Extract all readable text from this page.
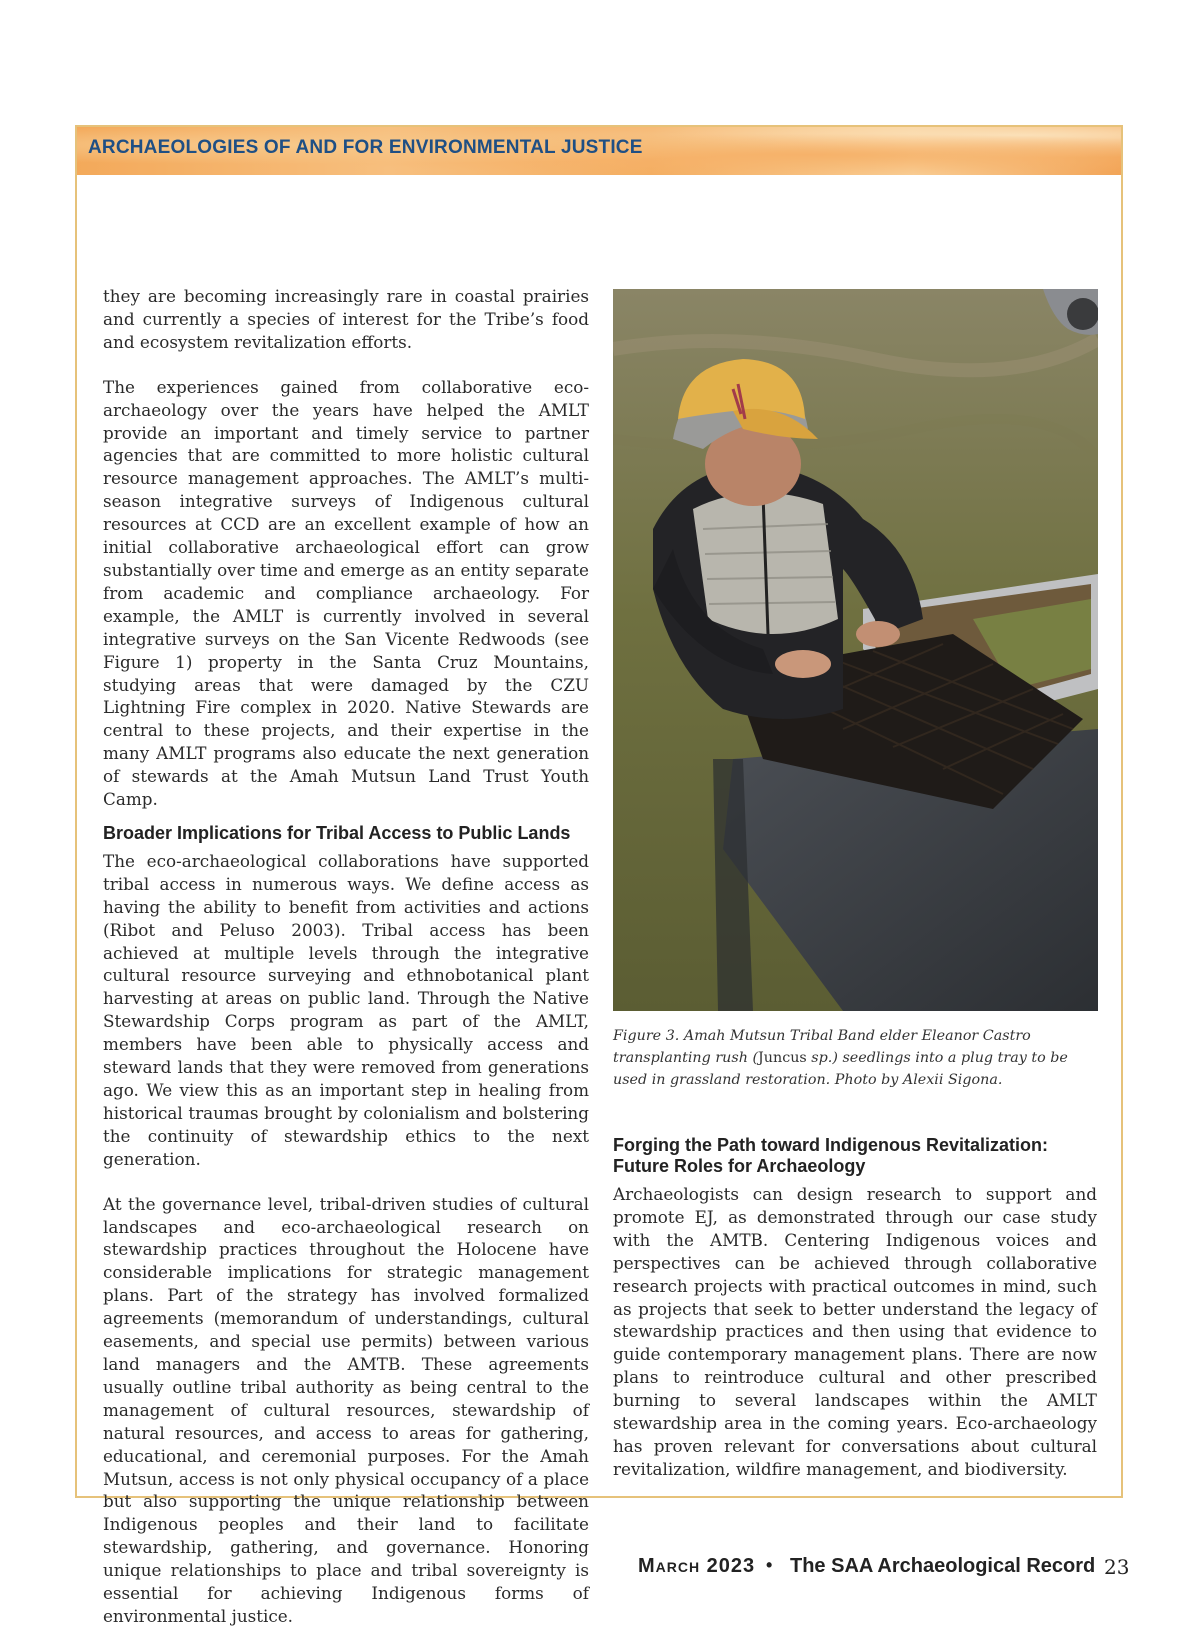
ARCHAEOLOGIES OF AND FOR ENVIRONMENTAL JUSTICE

they are becoming increasingly rare in coastal prairies and currently a species of interest for the Tribe’s food and ecosystem revitalization efforts.

The experiences gained from collaborative eco-archaeology over the years have helped the AMLT provide an important and timely service to partner agencies that are committed to more holistic cultural resource management approaches. The AMLT’s multi-season integrative surveys of Indigenous cultural resources at CCD are an excellent example of how an initial collaborative archaeological effort can grow substantially over time and emerge as an entity separate from academic and compliance archaeology. For example, the AMLT is currently involved in several integrative surveys on the San Vicente Redwoods (see Figure 1) property in the Santa Cruz Mountains, studying areas that were damaged by the CZU Lightning Fire complex in 2020. Native Stewards are central to these projects, and their expertise in the many AMLT programs also educate the next generation of stewards at the Amah Mutsun Land Trust Youth Camp.

Broader Implications for Tribal Access to Public Lands

The eco-archaeological collaborations have supported tribal access in numerous ways. We define access as having the ability to benefit from activities and actions (Ribot and Peluso 2003). Tribal access has been achieved at multiple levels through the integrative cultural resource surveying and ethnobotanical plant harvesting at areas on public land. Through the Native Stewardship Corps program as part of the AMLT, members have been able to physically access and steward lands that they were removed from generations ago. We view this as an important step in healing from historical traumas brought by colonialism and bolstering the continuity of stewardship ethics to the next generation.

At the governance level, tribal-driven studies of cultural landscapes and eco-archaeological research on stewardship practices throughout the Holocene have considerable implications for strategic management plans. Part of the strategy has involved formalized agreements (memorandum of understandings, cultural easements, and special use permits) between various land managers and the AMTB. These agreements usually outline tribal authority as being central to the management of cultural resources, stewardship of natural resources, and access to areas for gathering, educational, and ceremonial purposes. For the Amah Mutsun, access is not only physical occupancy of a place but also supporting the unique relationship between Indigenous peoples and their land to facilitate stewardship, gathering, and governance. Honoring unique relationships to place and tribal sovereignty is essential for achieving Indigenous forms of environmental justice.

Figure 3. Amah Mutsun Tribal Band elder Eleanor Castro transplanting rush (Juncus sp.) seedlings into a plug tray to be used in grassland restoration. Photo by Alexii Sigona.
Forging the Path toward Indigenous Revitalization: Future Roles for Archaeology

Archaeologists can design research to support and promote EJ, as demonstrated through our case study with the AMTB. Centering Indigenous voices and perspectives can be achieved through collaborative research projects with practical outcomes in mind, such as projects that seek to better understand the legacy of stewardship practices and then using that evidence to guide contemporary management plans. There are now plans to reintroduce cultural and other prescribed burning to several landscapes within the AMLT stewardship area in the coming years. Eco-archaeology has proven relevant for conversations about cultural revitalization, wildfire management, and biodiversity.

March 2023 • The SAA Archaeological Record 23
